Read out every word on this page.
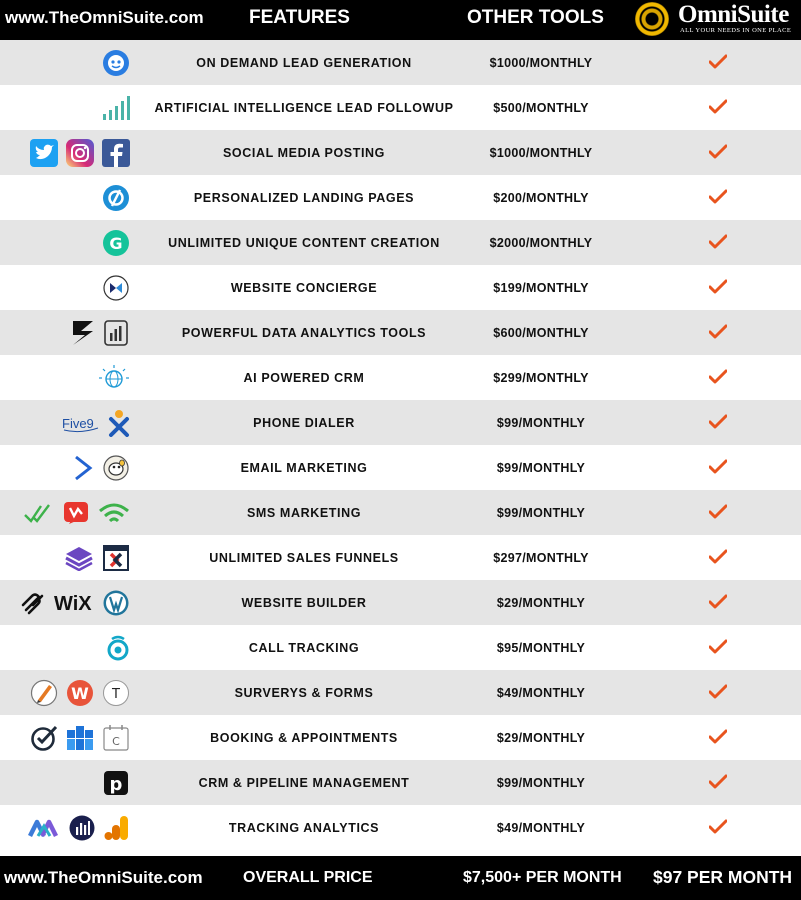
www.TheOmniSuite.com FEATURES	OTHER TOOLS	OmniSuite
ALL YOUR NEEDS IN ONE PLACE
ON DEMAND LEAD GENERATION	$1000/MONTHLY
ARTIFICIAL INTELLIGENCE LEAD FOLLOWUP	$500/MONTHLY
SOCIAL MEDIA POSTING	$1000/MONTHLY
PERSONALIZED LANDING PAGES	$200/MONTHLY
G	UNLIMITED UNIQUE CONTENT CREATION	$2000/MONTHLY
WEBSITE CONCIERGE	$199/MONTHLY
POWERFUL DATA ANALYTICS TOOLS	$600/MONTHLY
AI POWERED CRM	$299/MONTHLY
Five9	PHONE DIALER	$99/MONTHLY
EMAIL MARKETING	$99/MONTHLY
SMS MARKETING	$99/MONTHLY
UNLIMITED SALES FUNNELS	$297/MONTHLY
WiX	WEBSITE BUILDER	$29/MONTHLY
CALL TRACKING	$95/MONTHLY
W T	SURVERYS & FORMS	$49/MONTHLY
C	BOOKING & APPOINTMENTS	$29/MONTHLY
p	CRM & PIPELINE MANAGEMENT	$99/MONTHLY
TRACKING ANALYTICS	$49/MONTHLY
www.TheOmniSuite.com	OVERALL PRICE	$7,500+ PER MONTH $97 PER MONTH
